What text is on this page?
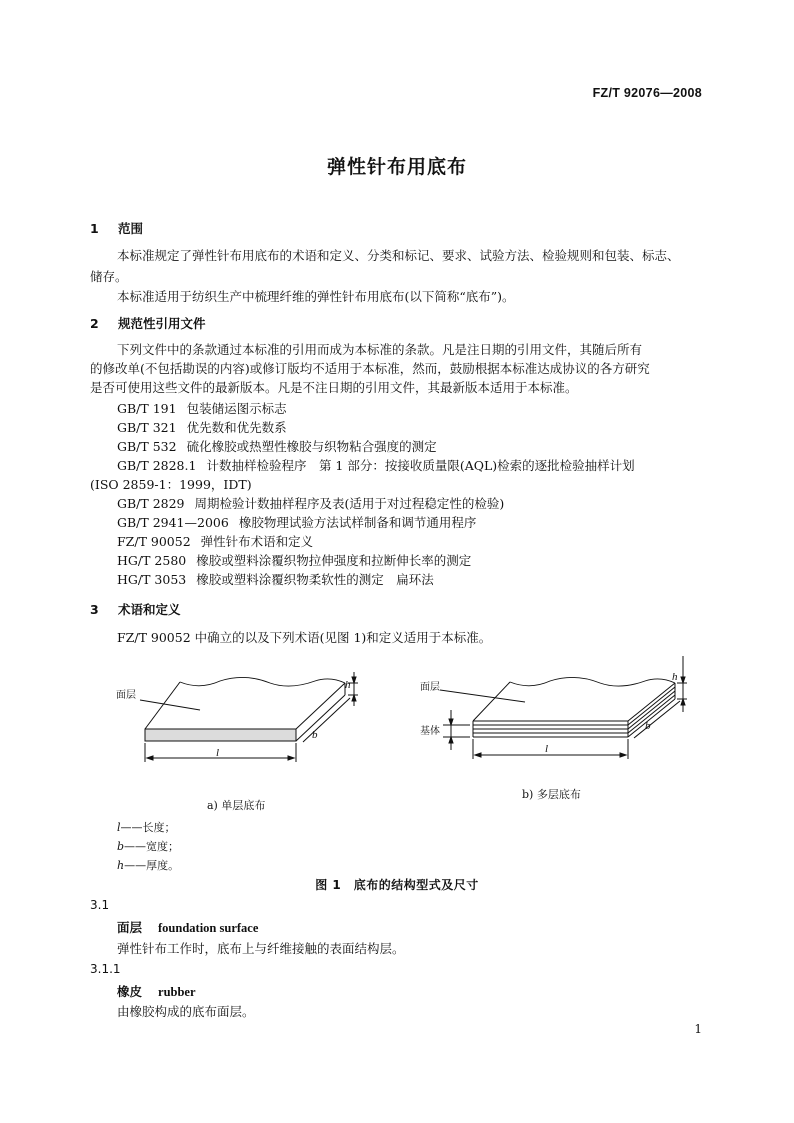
FZ/T 92076—2008
弹性针布用底布
1 范围
本标准规定了弹性针布用底布的术语和定义、分类和标记、要求、试验方法、检验规则和包装、标志、
储存。
本标准适用于纺织生产中梳理纤维的弹性针布用底布(以下简称“底布”)。
2 规范性引用文件
下列文件中的条款通过本标准的引用而成为本标准的条款。凡是注日期的引用文件，其随后所有
的修改单(不包括勘误的内容)或修订版均不适用于本标准，然而，鼓励根据本标准达成协议的各方研究
是否可使用这些文件的最新版本。凡是不注日期的引用文件，其最新版本适用于本标准。
GB/T 191 包装储运图示标志
GB/T 321 优先数和优先数系
GB/T 532 硫化橡胶或热塑性橡胶与织物粘合强度的测定
GB/T 2828.1 计数抽样检验程序　第 1 部分：按接收质量限(AQL)检索的逐批检验抽样计划
(ISO 2859-1：1999，IDT)
GB/T 2829 周期检验计数抽样程序及表(适用于对过程稳定性的检验)
GB/T 2941—2006 橡胶物理试验方法试样制备和调节通用程序
FZ/T 90052 弹性针布术语和定义
HG/T 2580 橡胶或塑料涂覆织物拉伸强度和拉断伸长率的测定
HG/T 3053 橡胶或塑料涂覆织物柔软性的测定　扁环法
3 术语和定义
FZ/T 90052 中确立的以及下列术语(见图 1)和定义适用于本标准。
面层
l
b
h	面层
基体
l
b
h
a) 单层底布
b) 多层底布
l——长度；
b——宽度；
h——厚度。
图 1　底布的结构型式及尺寸
3.1
面层 foundation surface
弹性针布工作时，底布上与纤维接触的表面结构层。
3.1.1
橡皮 rubber
由橡胶构成的底布面层。
1
